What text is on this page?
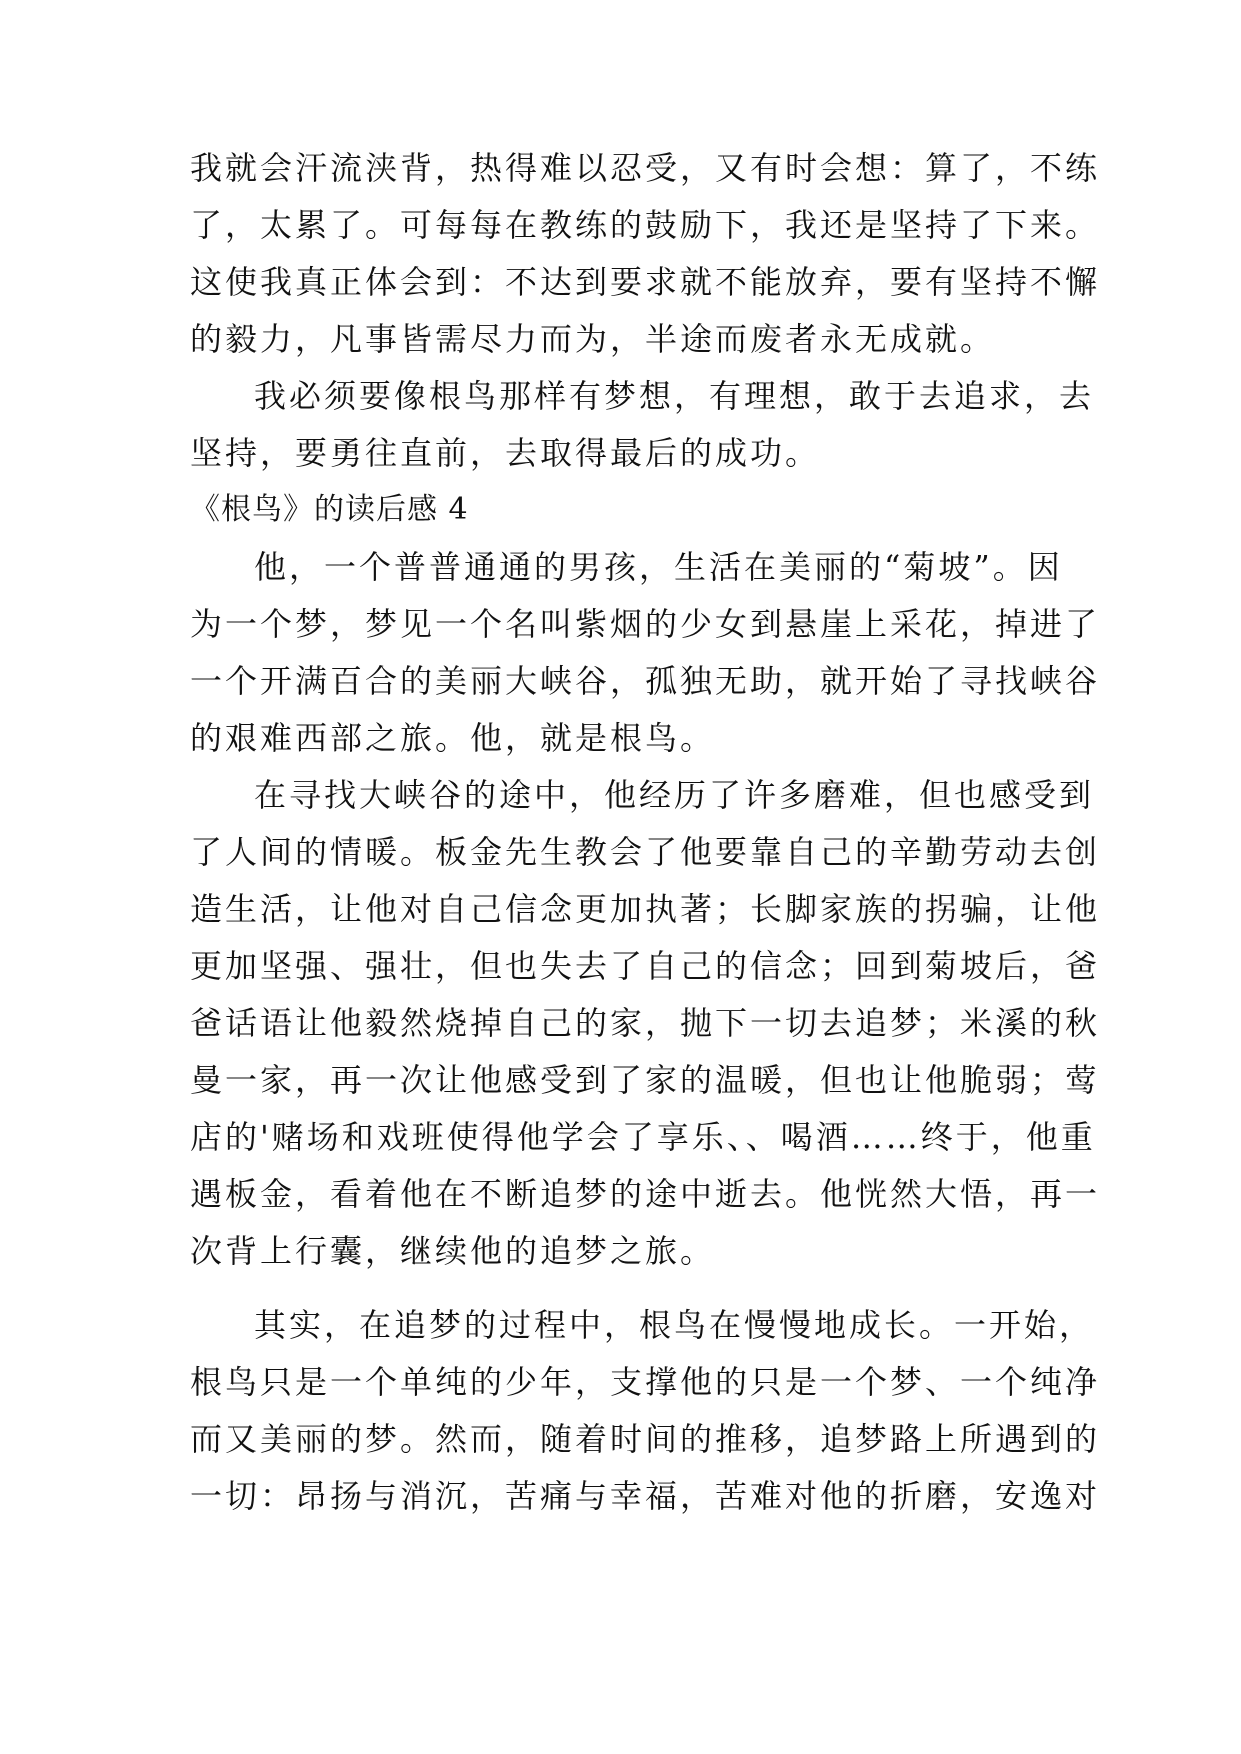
我就会汗流浃背，热得难以忍受，又有时会想：算了，不练
了，太累了。可每每在教练的鼓励下，我还是坚持了下来。
这使我真正体会到：不达到要求就不能放弃，要有坚持不懈
的毅力，凡事皆需尽力而为，半途而废者永无成就。
我必须要像根鸟那样有梦想，有理想，敢于去追求，去
坚持，要勇往直前，去取得最后的成功。
《根鸟》的读后感 4
他，一个普普通通的男孩，生活在美丽的“菊坡”。因
为一个梦，梦见一个名叫紫烟的少女到悬崖上采花，掉进了
一个开满百合的美丽大峡谷，孤独无助，就开始了寻找峡谷
的艰难西部之旅。他，就是根鸟。
在寻找大峡谷的途中，他经历了许多磨难，但也感受到
了人间的情暖。板金先生教会了他要靠自己的辛勤劳动去创
造生活，让他对自己信念更加执著；长脚家族的拐骗，让他
更加坚强、强壮，但也失去了自己的信念；回到菊坡后，爸
爸话语让他毅然烧掉自己的家，抛下一切去追梦；米溪的秋
曼一家，再一次让他感受到了家的温暖，但也让他脆弱；莺
店的'赌场和戏班使得他学会了享乐、、喝酒……终于，他重
遇板金，看着他在不断追梦的途中逝去。他恍然大悟，再一
次背上行囊，继续他的追梦之旅。
其实，在追梦的过程中，根鸟在慢慢地成长。一开始，
根鸟只是一个单纯的少年，支撑他的只是一个梦、一个纯净
而又美丽的梦。然而，随着时间的推移，追梦路上所遇到的
一切：昂扬与消沉，苦痛与幸福，苦难对他的折磨，安逸对
